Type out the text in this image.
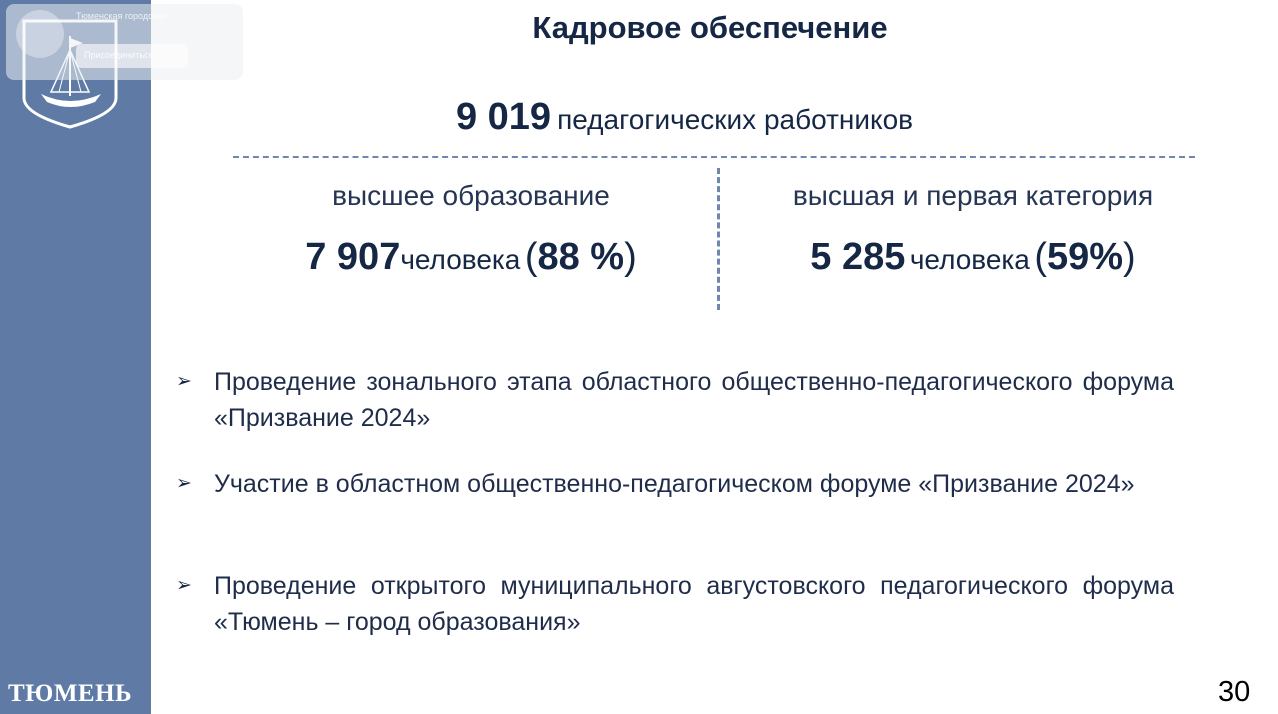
ТЮМЕНЬ
Тюменская городская
Присоединиться
Кадровое обеспечение
9 019 педагогических работников
высшее образование
7 907человека (88 %)
высшая и первая категория
5 285 человека (59%)
➢ Проведение зонального этапа областного общественно-педагогического форума «Призвание 2024»
➢ Участие в областном общественно-педагогическом форуме «Призвание 2024»
➢ Проведение открытого муниципального августовского педагогического форума «Тюмень – город образования»
30
